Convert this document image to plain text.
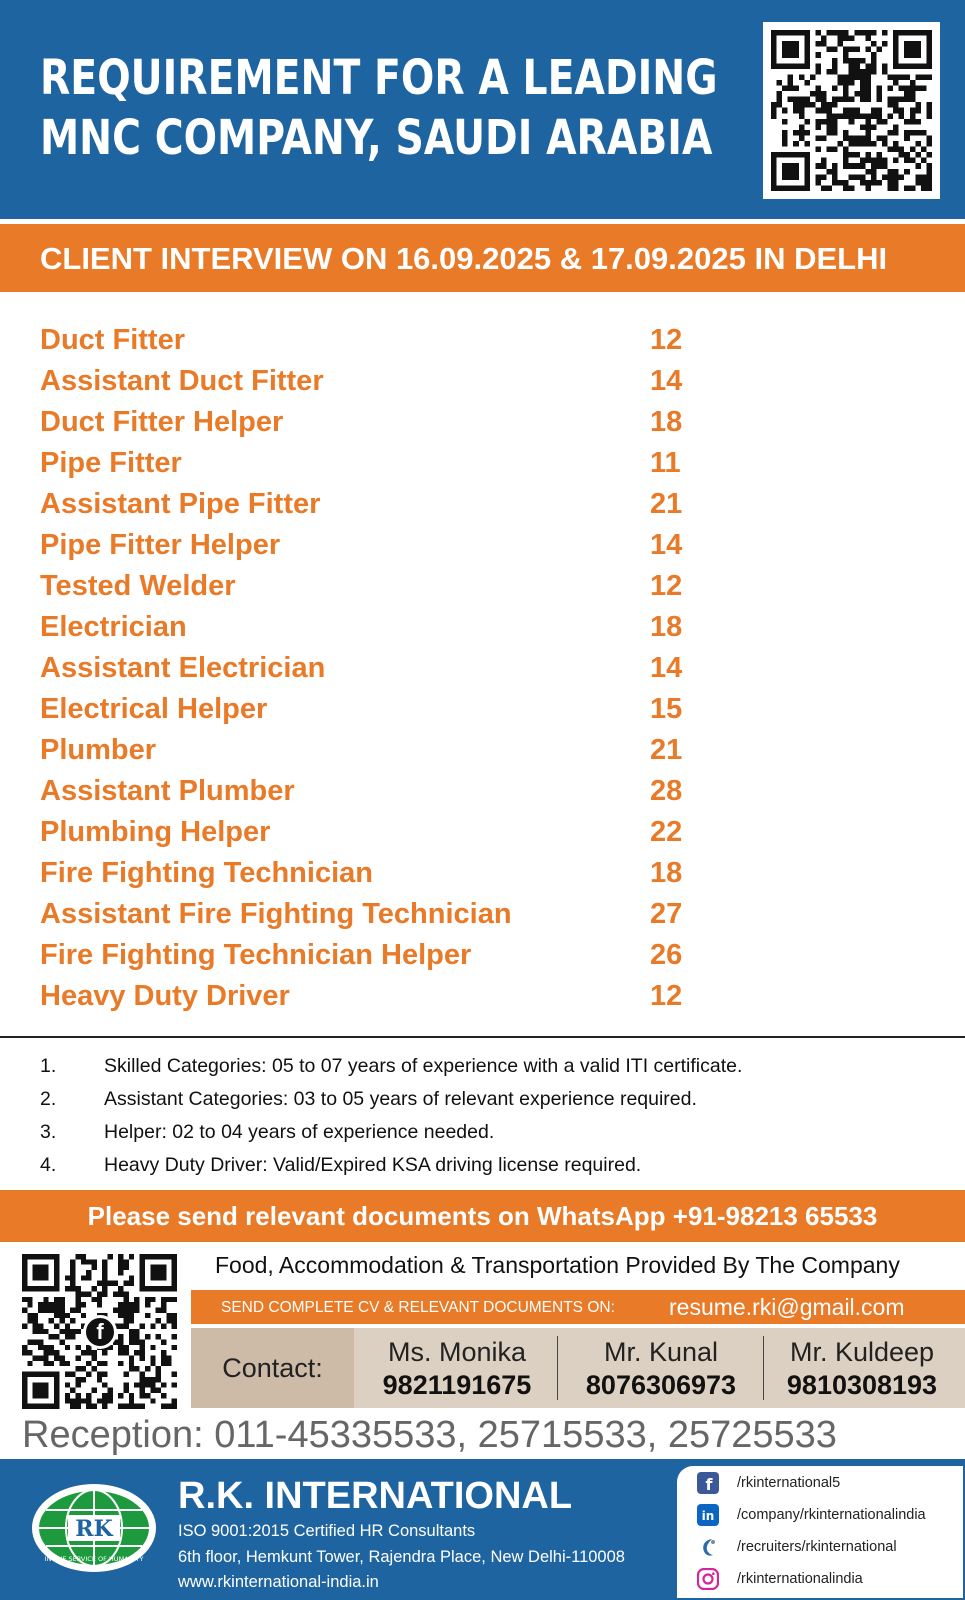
REQUIREMENT FOR A LEADING
MNC COMPANY, SAUDI ARABIA
CLIENT INTERVIEW ON 16.09.2025 & 17.09.2025 IN DELHI
Duct Fitter	12
Assistant Duct Fitter	14
Duct Fitter Helper	18
Pipe Fitter	11
Assistant Pipe Fitter	21
Pipe Fitter Helper	14
Tested Welder	12
Electrician	18
Assistant Electrician	14
Electrical Helper	15
Plumber	21
Assistant Plumber	28
Plumbing Helper	22
Fire Fighting Technician	18
Assistant Fire Fighting Technician	27
Fire Fighting Technician Helper	26
Heavy Duty Driver	12
1. Skilled Categories: 05 to 07 years of experience with a valid ITI certificate.
2. Assistant Categories: 03 to 05 years of relevant experience required.
3. Helper: 02 to 04 years of experience needed.
4. Heavy Duty Driver: Valid/Expired KSA driving license required.
Please send relevant documents on WhatsApp +91-98213 65533
f
Food, Accommodation & Transportation Provided By The Company
SEND COMPLETE CV & RELEVANT DOCUMENTS ON: resume.rki@gmail.com
Contact:
Ms. Monika
9821191675
Mr. Kunal
8076306973
Mr. Kuldeep
9810308193
Reception: 011-45335533, 25715533, 25725533
RK
IN THE SERVICE OF HUMANITY
R.K. INTERNATIONAL
ISO 9001:2015 Certified HR Consultants
6th floor, Hemkunt Tower, Rajendra Place, New Delhi-110008
www.rkinternational-india.in
f /rkinternational5
in /company/rkinternationalindia
/recruiters/rkinternational
/rkinternationalindia
